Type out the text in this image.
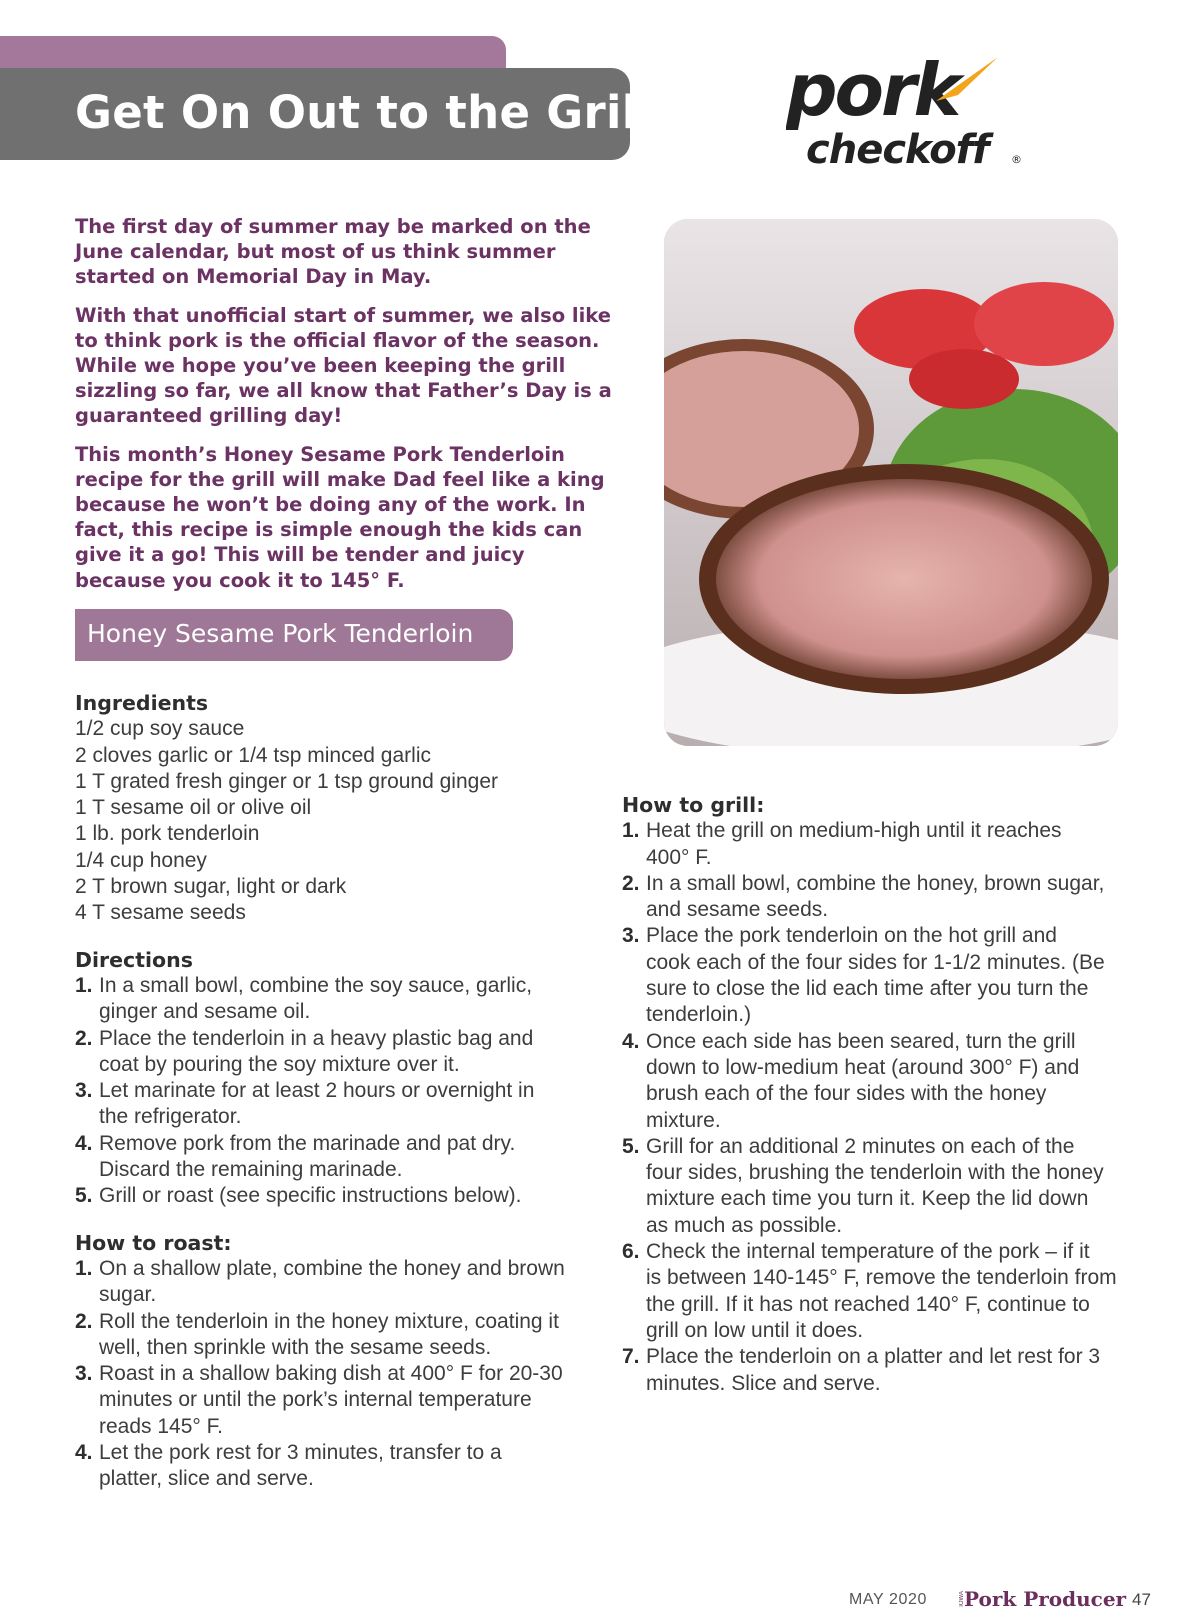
Get On Out to the Grill! pork
checkoff	®

The first day of summer may be marked on the June calendar, but most of us think summer started on Memorial Day in May.

With that unofficial start of summer, we also like to think pork is the official flavor of the season. While we hope you’ve been keeping the grill sizzling so far, we all know that Father’s Day is a guaranteed grilling day!

This month’s Honey Sesame Pork Tenderloin recipe for the grill will make Dad feel like a king because he won’t be doing any of the work. In fact, this recipe is simple enough the kids can give it a go! This will be tender and juicy because you cook it to 145° F.

Honey Sesame Pork Tenderloin

Ingredients

1/2 cup soy sauce

2 cloves garlic or 1/4 tsp minced garlic

1 T grated fresh ginger or 1 tsp ground ginger

1 T sesame oil or olive oil

1 lb. pork tenderloin

1/4 cup honey

2 T brown sugar, light or dark

4 T sesame seeds

Directions

1. In a small bowl, combine the soy sauce, garlic,
ginger and sesame oil.
2. Place the tenderloin in a heavy plastic bag and
coat by pouring the soy mixture over it.
3. Let marinate for at least 2 hours or overnight in
the refrigerator.
4. Remove pork from the marinade and pat dry.
Discard the remaining marinade.
5. Grill or roast (see specific instructions below).

How to roast:

1. On a shallow plate, combine the honey and brown
sugar.
2. Roll the tenderloin in the honey mixture, coating it
well, then sprinkle with the sesame seeds.
3. Roast in a shallow baking dish at 400° F for 20-30
minutes or until the pork’s internal temperature
reads 145° F.
4. Let the pork rest for 3 minutes, transfer to a
platter, slice and serve.

How to grill:

1. Heat the grill on medium-high until it reaches
400° F.
2. In a small bowl, combine the honey, brown sugar,
and sesame seeds.
3. Place the pork tenderloin on the hot grill and
cook each of the four sides for 1-1/2 minutes. (Be
sure to close the lid each time after you turn the
tenderloin.)
4. Once each side has been seared, turn the grill
down to low-medium heat (around 300° F) and
brush each of the four sides with the honey
mixture.
5. Grill for an additional 2 minutes on each of the
four sides, brushing the tenderloin with the honey
mixture each time you turn it. Keep the lid down
as much as possible.
6. Check the internal temperature of the pork – if it
is between 140-145° F, remove the tenderloin from
the grill. If it has not reached 140° F, continue to
grill on low until it does.
7. Place the tenderloin on a platter and let rest for 3
minutes. Slice and serve.
MAY 2020	IOWA Pork Producer 47
